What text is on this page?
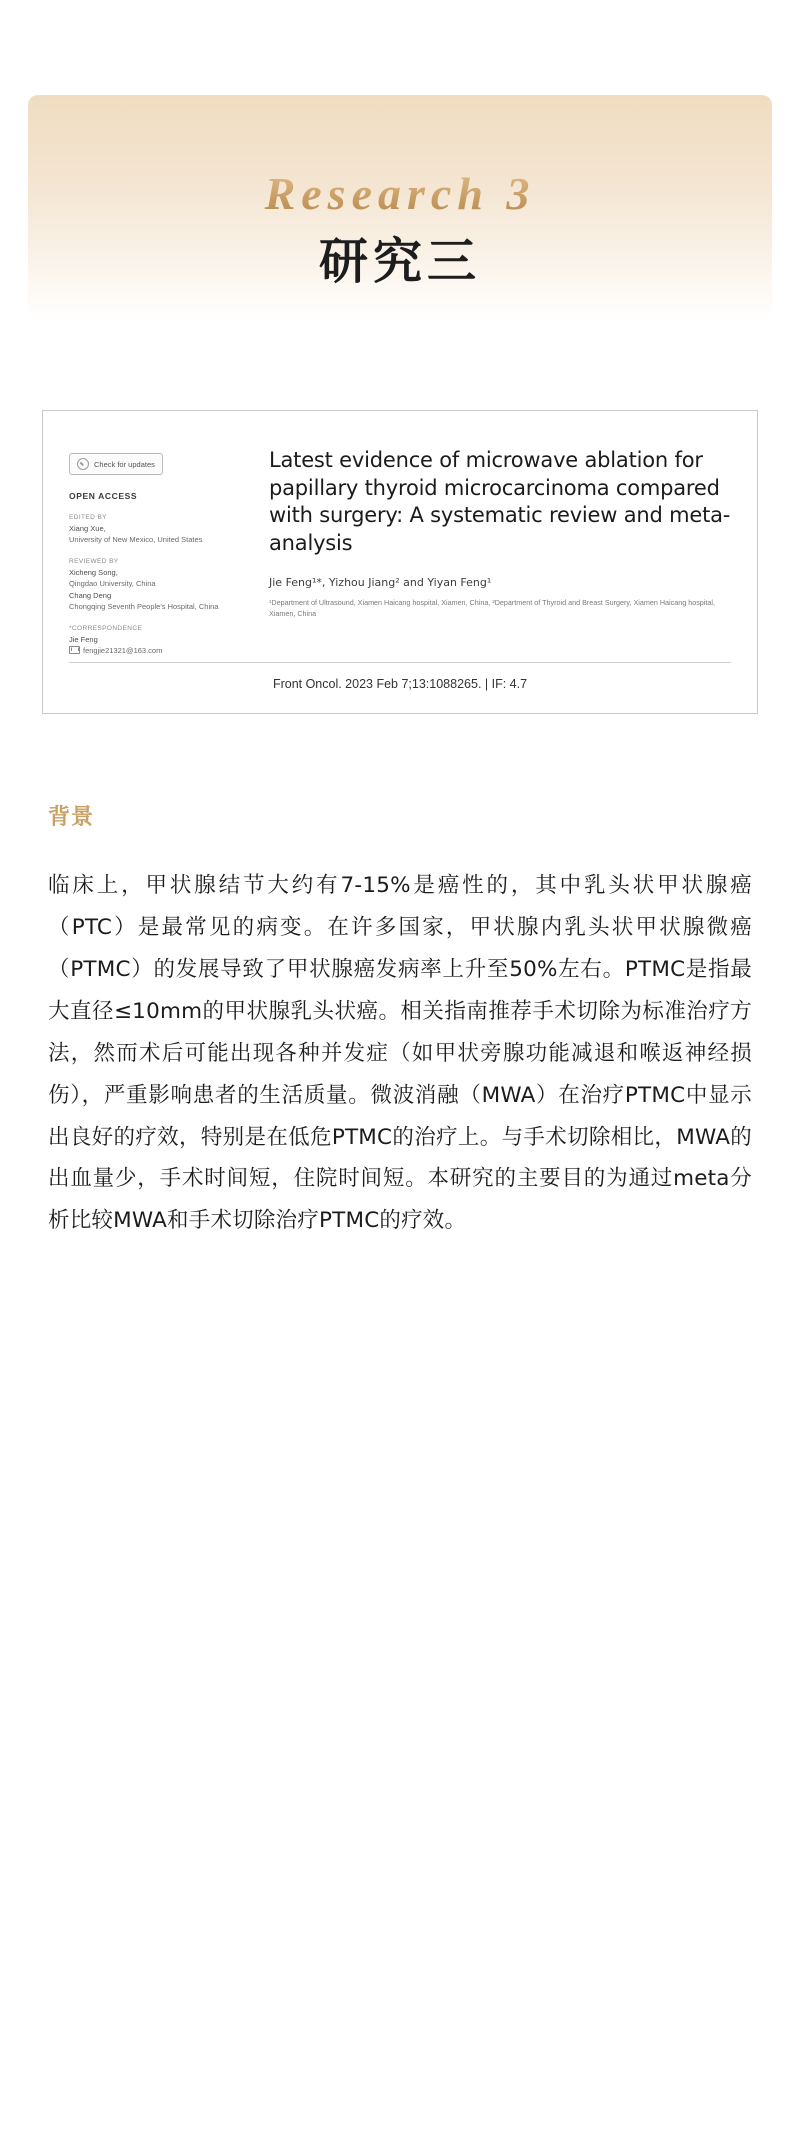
Research 3
研究三
Check for updates
OPEN ACCESS
EDITED BY
Xiang Xue,
University of New Mexico, United States
REVIEWED BY
Xicheng Song,
Qingdao University, China
Chang Deng
Chongqing Seventh People's Hospital, China
*CORRESPONDENCE
Jie Feng
fengjie21321@163.com
Latest evidence of microwave ablation for papillary thyroid microcarcinoma compared with surgery: A systematic review and meta-analysis
Jie Feng¹*, Yizhou Jiang² and Yiyan Feng¹
¹Department of Ultrasound, Xiamen Haicang hospital, Xiamen, China, ²Department of Thyroid and Breast Surgery, Xiamen Haicang hospital, Xiamen, China
Front Oncol. 2023 Feb 7;13:1088265. | IF: 4.7
背景
临床上，甲状腺结节大约有7-15%是癌性的，其中乳头状甲状腺癌（PTC）是最常见的病变。在许多国家，甲状腺内乳头状甲状腺微癌（PTMC）的发展导致了甲状腺癌发病率上升至50%左右。PTMC是指最大直径≤10mm的甲状腺乳头状癌。相关指南推荐手术切除为标准治疗方法，然而术后可能出现各种并发症（如甲状旁腺功能减退和喉返神经损伤），严重影响患者的生活质量。微波消融（MWA）在治疗PTMC中显示出良好的疗效，特别是在低危PTMC的治疗上。与手术切除相比，MWA的出血量少，手术时间短，住院时间短。本研究的主要目的为通过meta分析比较MWA和手术切除治疗PTMC的疗效。
